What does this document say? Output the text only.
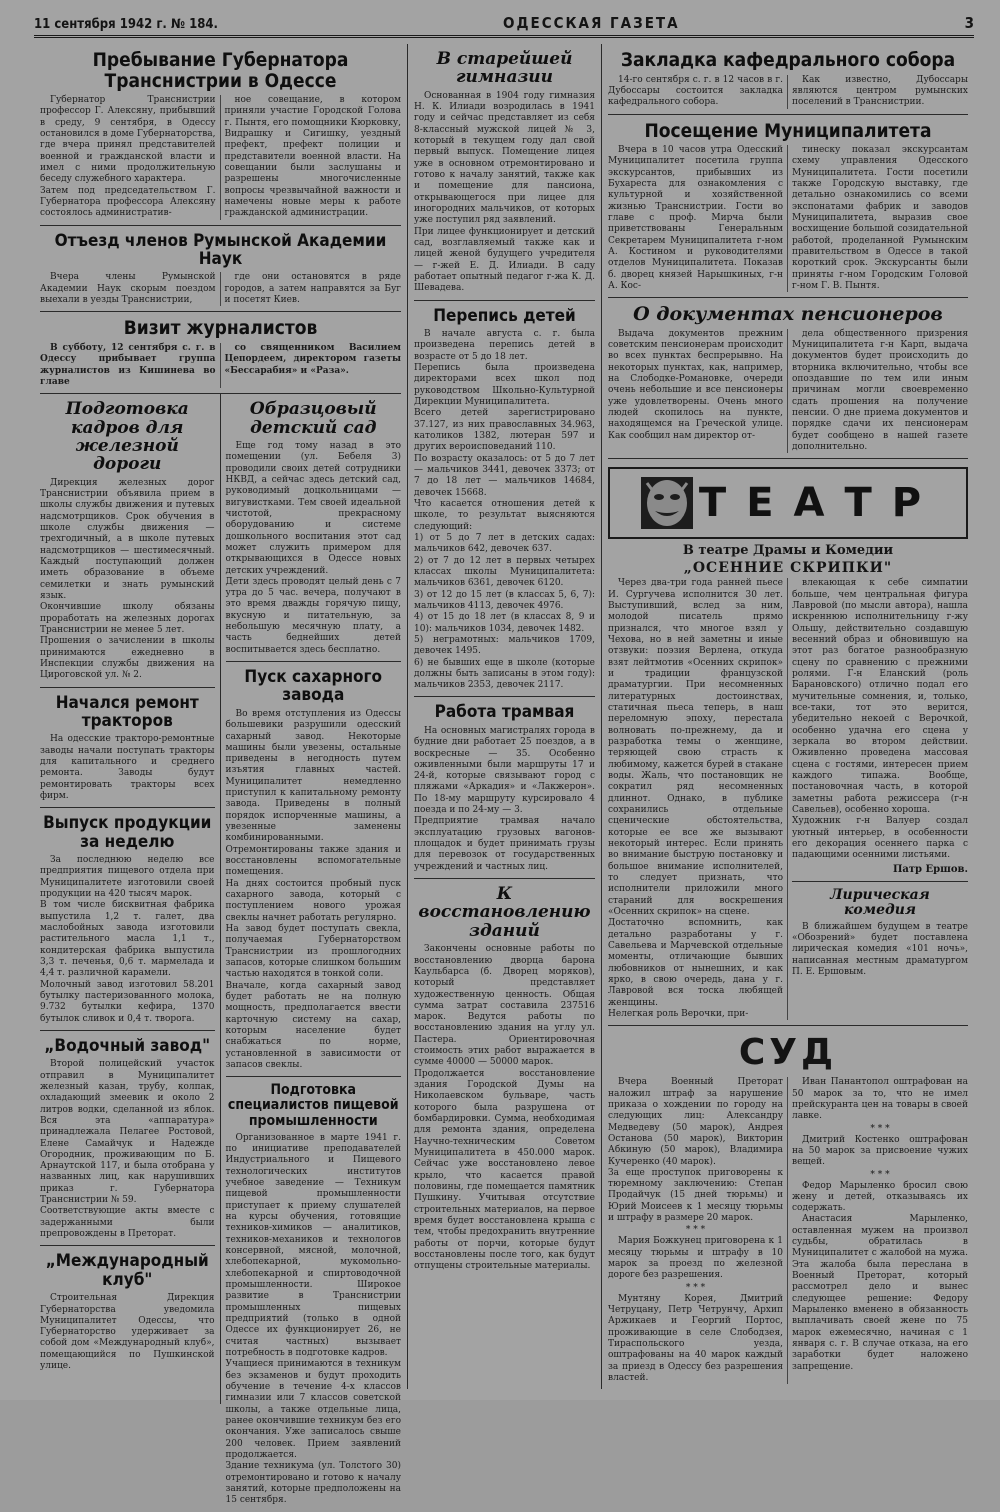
11 сентября 1942 г. № 184.	ОДЕССКАЯ ГАЗЕТА	3
Пребывание Губернатора Транснистрии в Одессе

Губернатор Транснистрии профессор Г. Алексяну, прибывший в среду, 9 сентября, в Одессу остановился в доме Губернаторства, где вчера принял представителей военной и гражданской власти и имел с ними продолжительную беседу служебного характера.
Затем под председательством Г. Губернатора профессора Алексяну состоялось административ-

ное совещание, в котором приняли участие Городской Голова г. Пынтя, его помощники Кюрковку, Видрашку и Сигишку, уездный префект, префект полиции и представители военной власти. На совещании были заслушаны и разрешены многочисленные вопросы чрезвычайной важности и намечены новые меры к работе гражданской администрации.

Отъезд членов Румынской Академии Наук

Вчера члены Румынской Академии Наук скорым поездом выехали в уезды Транснистрии,

где они остановятся в ряде городов, а затем направятся за Буг и посетят Киев.

Визит журналистов

В субботу, 12 сентября с. г. в Одессу прибывает группа журналистов из Кишинева во главе

со священником Василием Цепордеем, директором газеты «Бессарабия» и «Раза».

Подготовка кадров для железной дороги

Дирекция железных дорог Транснистрии объявила прием в школы службы движения и путевых надсмотрщиков. Срок обучения в школе службы движения — трехгодичный, а в школе путевых надсмотрщиков — шестимесячный. Каждый поступающий должен иметь образование в объеме семилетки и знать румынский язык.
Окончившие школу обязаны проработать на железных дорогах Транснистрии не менее 5 лет.
Прошения о зачислении в школы принимаются ежедневно в Инспекции службы движения на Цироговской ул. № 2.

Начался ремонт тракторов

На одесские тракторо-ремонтные заводы начали поступать тракторы для капитального и среднего ремонта. Заводы будут ремонтировать тракторы всех фирм.

Выпуск продукции за неделю

За последнюю неделю все предприятия пищевого отдела при Муниципалитете изготовили своей продукции на 420 тысяч марок.
В том числе бисквитная фабрика выпустила 1,2 т. галет, два маслобойных завода изготовили растительного масла 1,1 т., кондитерская фабрика выпустила 3,3 т. печенья, 0,6 т. мармелада и 4,4 т. различной карамели.
Молочный завод изготовил 58.201 бутылку пастеризованного молока, 9.732 бутылки кефира, 1370 бутылок сливок и 0,4 т. творога.

„Водочный завод"

Второй полицейский участок отправил в Муниципалитет железный казан, трубу, колпак, охладающий змеевик и около 2 литров водки, сделанной из яблок. Вся эта «аппаратура» принадлежала Пелагее Ростовой, Елене Самайчук и Надежде Огородник, проживающим по Б. Арнаутской 117, и была отобрана у названных лиц, как нарушивших приказ г. Губернатора Транснистрии № 59.
Соответствующие акты вместе с задержанными были препровождены в Преторат.

„Международный клуб"

Строительная Дирекция Губернаторства уведомила Муниципалитет Одессы, что Губернаторство удерживает за собой дом «Международный клуб», помещающийся по Пушкинской улице.

Образцовый детский сад

Еще год тому назад в это помещении (ул. Бебеля 3) проводили своих детей сотрудники НКВД, а сейчас здесь детский сад, руководимый доцкольницами — вигувистками. Тем своей идеальной чистотой, прекрасному оборудованию и системе дошкольного воспитания этот сад может служить примером для открывающихся в Одессе новых детских учреждений.
Дети здесь проводят целый день с 7 утра до 5 час. вечера, получают в это время дважды горячую пищу, вкусную и питательную, за небольшую месячную плату, а часть беднейших детей воспитывается здесь бесплатно.

Пуск сахарного завода

Во время отступления из Одессы большевики разрушили одесский сахарный завод. Некоторые машины были увезены, остальные приведены в негодность путем изъятия главных частей. Муниципалитет немедленно приступил к капитальному ремонту завода. Приведены в полный порядок испорченные машины, а увезенные заменены комбинированными. Отремонтированы также здания и восстановлены вспомогательные помещения.
На днях состоится пробный пуск сахарного завода, который с поступлением нового урожая свеклы начнет работать регулярно.
На завод будет поступать свекла, получаемая Губернаторством Транснистрии из прошлогодних запасов, которые слишком большим частью находятся в тонкой соли.
Вначале, когда сахарный завод будет работать не на полную мощность, предполагается ввести карточную систему на сахар, которым население будет снабжаться по норме, установленной в зависимости от запасов свеклы.

Подготовка специалистов пищевой промышленности

Организованное в марте 1941 г. по инициативе преподавателей Индустриального и Пищевого технологических институтов учебное заведение — Техникум пищевой промышленности приступает к приему слушателей на курсы обучения, готовящие техников-химиков — аналитиков, техников-механиков и технологов консервной, мясной, молочной, хлебопекарной, мукомольно-хлебопекарной и спиртоводочной промышленности. Широкое развитие в Транснистрии промышленных пищевых предприятий (только в одной Одессе их функционирует 26, не считая частных) вызывает потребность в подготовке кадров.
Учащиеся принимаются в техникум без экзаменов и будут проходить обучение в течение 4-х классов гимназии или 7 классов советской школы, а также отдельные лица, ранее окончившие техникум без его окончания. Уже записалось свыше 200 человек. Прием заявлений продолжается.
Здание техникума (ул. Толстого 30) отремонтировано и готово к началу занятий, которые предположены на 15 сентября.

В старейшей гимназии

Основанная в 1904 году гимназия Н. К. Илиади возродилась в 1941 году и сейчас представляет из себя 8-классный мужской лицей № 3, который в текущем году дал свой первый выпуск. Помещение лицея уже в основном отремонтировано и готово к началу занятий, также как и помещение для пансиона, открывающегося при лицее для иногородних мальчиков, от которых уже поступил ряд заявлений.
При лицее функционирует и детский сад, возглавляемый также как и лицей женой будущего учредителя — г-жей Е. Д. Илиади. В саду работает опытный педагог г-жа К. Д. Шевадева.

Перепись детей

В начале августа с. г. была произведена перепись детей в возрасте от 5 до 18 лет.
Перепись была произведена директорами всех школ под руководством Школьно-Культурной Дирекции Муниципалитета.
Всего детей зарегистрировано 37.127, из них православных 34.963, католиков 1382, лютеран 597 и других вероисповеданий 110.
По возрасту оказалось: от 5 до 7 лет — мальчиков 3441, девочек 3373; от 7 до 18 лет — мальчиков 14684, девочек 15668.
Что касается отношения детей к школе, то результат выясняются следующий:
1) от 5 до 7 лет в детских садах: мальчиков 642, девочек 637.
2) от 7 до 12 лет в первых четырех классах школы Муниципалитета: мальчиков 6361, девочек 6120.
3) от 12 до 15 лет (в классах 5, 6, 7): мальчиков 4113, девочек 4976.
4) от 15 до 18 лет (в классах 8, 9 и 10): мальчиков 1034, девочек 1482.
5) неграмотных: мальчиков 1709, девочек 1495.
6) не бывших еще в школе (которые должны быть записаны в этом году): мальчиков 2353, девочек 2117.

Работа трамвая

На основных магистралях города в будние дни работает 25 поездов, а в воскресные — 35. Особенно оживленными были маршруты 17 и 24-й, которые связывают город с пляжами «Аркадия» и «Лакжерон». По 18-му маршруту курсировало 4 поезда и по 24-му — 3.
Предприятие трамвая начало эксплуатацию грузовых вагонов-площадок и будет принимать грузы для перевозок от государственных учреждений и частных лиц.

К восстановлению зданий

Закончены основные работы по восстановлению дворца барона Каульбарса (б. Дворец моряков), который представляет художественную ценность. Общая сумма затрат составила 237516 марок. Ведутся работы по восстановлению здания на углу ул. Пастера. Ориентировочная стоимость этих работ выражается в сумме 40000 — 50000 марок.
Продолжается восстановление здания Городской Думы на Николаевском бульваре, часть которого была разрушена от бомбардировки. Сумма, необходимая для ремонта здания, определена Научно-техническим Советом Муниципалитета в 450.000 марок. Сейчас уже восстановлено левое крыло, что касается правой половины, где помещается памятник Пушкину. Учитывая отсутствие строительных материалов, на первое время будет восстановлена крыша с тем, чтобы предохранить внутренние работы от порчи, которые будут восстановлены после того, как будут отпущены строительные материалы.

Закладка кафедрального собора

14-го сентября с. г. в 12 часов в г. Дубоссары состоится закладка кафедрального собора.

Как известно, Дубоссары являются центром румынских поселений в Транснистрии.

Посещение Муниципалитета

Вчера в 10 часов утра Одесский Муниципалитет посетила группа экскурсантов, прибывших из Бухареста для ознакомления с культурной и хозяйственной жизнью Транснистрии. Гости во главе с проф. Мирча были приветствованы Генеральным Секретарем Муниципалитета г-ном А. Костином и руководителями отделов Муниципалитета. Показав б. дворец князей Нарышкиных, г-н А. Кос-

тинеску показал экскурсантам схему управления Одесского Муниципалитета. Гости посетили также Городскую выставку, где детально ознакомились со всеми экспонатами фабрик и заводов Муниципалитета, выразив свое восхищение большой созидательной работой, проделанной Румынским правительством в Одессе в такой короткий срок. Экскурсанты были приняты г-ном Городским Головой г-ном Г. В. Пынтя.

О документах пенсионеров

Выдача документов прежним советским пенсионерам происходит во всех пунктах беспрерывно. На некоторых пунктах, как, например, на Слободке-Романовке, очереди очень небольшие и все пенсионеры уже удовлетворены. Очень много людей скопилось на пункте, находящемся на Греческой улице. Как сообщил нам директор от-

дела общественного призрения Муниципалитета г-н Карп, выдача документов будет происходить до вторника включительно, чтобы все опоздавшие по тем или иным причинам могли своевременно сдать прошения на получение пенсии. О дне приема документов и порядке сдачи их пенсионерам будет сообщено в нашей газете дополнительно.

ТЕАТР
В театре Драмы и Комедии
„ОСЕННИЕ СКРИПКИ"

Через два-три года ранней пьесе И. Сургучева исполнится 30 лет. Выступивший, вслед за ним, молодой писатель прямо признался, что многое взял у Чехова, но в ней заметны и иные отзвуки: поэзия Верлена, откуда взят лейтмотив «Осенних скрипок» и традиции французской драматургии. При несомненных литературных достоинствах, статичная пьеса теперь, в наш переломную эпоху, перестала волновать по-прежнему, да и разработка темы о женщине, теряющей свою страсть к любимому, кажется бурей в стакане воды. Жаль, что постановщик не сократил ряд несомненных длиннот. Однако, в публике сохранились отдельные сценические обстоятельства, которые ее все же вызывают некоторый интерес. Если принять во внимание быструю постановку и большое внимание исполнителей, то следует признать, что исполнители приложили много стараний для воскрешения «Осенних скрипок» на сцене.
Достаточно вспомнить, как детально разработаны у г. Савельева и Марчевской отдельные моменты, отличающие бывших любовников от нынешних, и как ярко, в свою очередь, дана у г. Лавровой вся тоска любящей женщины.
Нелегкая роль Верочки, при-

влекающая к себе симпатии больше, чем центральная фигура Лавровой (по мысли автора), нашла искреннюю исполнительницу г-жу Ольшу, действительно создавшую весенний образ и обновившую на этот раз богатое разнообразную сцену по сравнению с прежними ролями. Г-н Еланский (роль Барановского) отлично подал его мучительные сомнения, и, только, все-таки, тот это верится, убедительно некоей с Верочкой, особенно удачна его сцена у зеркала во втором действии. Оживленно проведена массовая сцена с гостями, интересен прием каждого типажа. Вообще, постановочная часть, в которой заметны работа режиссера (г-н Савельев), особенно хороша.
Художник г-н Валуер создал уютный интерьер, в особенности его декорация осеннего парка с падающими осенними листьями.

Патр Ершов.

Лирическая комедия

В ближайшем будущем в театре «Обозрений» будет поставлена лирическая комедия «101 ночь», написанная местным драматургом П. Е. Ершовым.

СУД

Вчера Военный Преторат наложил штраф за нарушение приказа о хождении по городу на следующих лиц: Александру Медведеву (50 марок), Андрея Останова (50 марок), Викторин Абкиную (50 марок), Владимира Кучеренко (40 марок).
За еще проступок приговорены к тюремному заключению: Степан Продайчук (15 дней тюрьмы) и Юрий Моисеев к 1 месяцу тюрьмы и штрафу в размере 20 марок.

* * *

Мария Божкунец приговорена к 1 месяцу тюрьмы и штрафу в 10 марок за проезд по железной дороге без разрешения.

* * *

Мунтяну Корея, Дмитрий Четруцану, Петр Четрунчу, Архип Аржикаев и Георгий Портос, проживающие в селе Слободзея, Тираспольского уезда, оштрафованы на 40 марок каждый за приезд в Одессу без разрешения властей.

Иван Панантопол оштрафован на 50 марок за то, что не имел прейскуранта цен на товары в своей лавке.

* * *

Дмитрий Костенко оштрафован на 50 марок за присвоение чужих вещей.

* * *

Федор Марыленко бросил свою жену и детей, отказываясь их содержать.

Анастасия Марыленко, оставленная мужем на произвол судьбы, обратилась в Муниципалитет с жалобой на мужа. Эта жалоба была переслана в Военный Преторат, который рассмотрел дело и вынес следующее решение: Федору Марыленко вменено в обязанность выплачивать своей жене по 75 марок ежемесячно, начиная с 1 января с. г. В случае отказа, на его заработки будет наложено запрещение.
